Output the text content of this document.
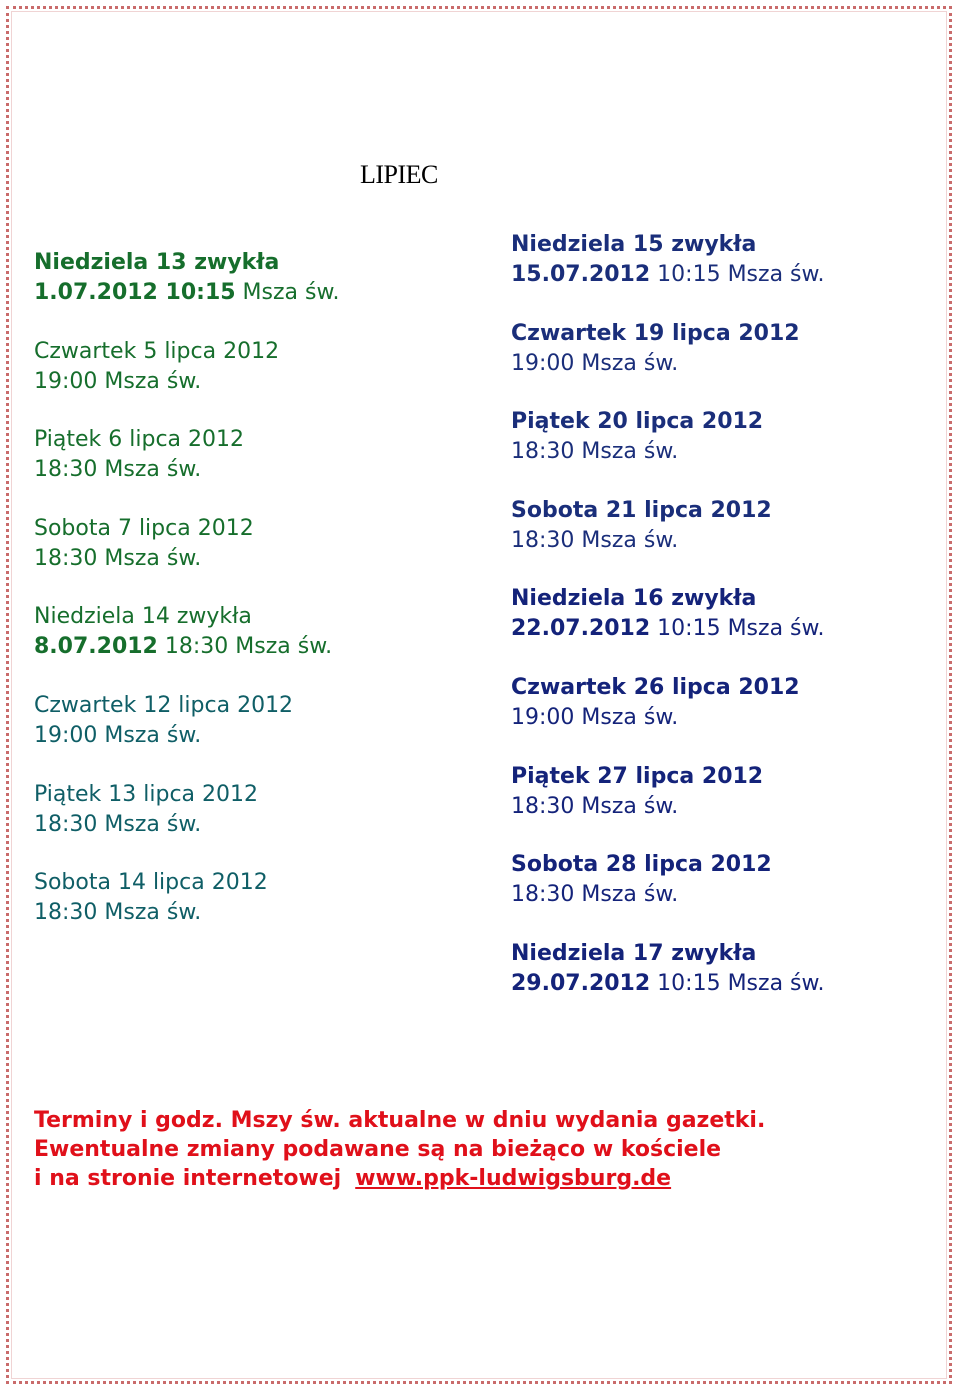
LIPIEC
Niedziela 13 zwykła
1.07.2012 10:15 Msza św.
Czwartek 5 lipca 2012
19:00 Msza św.
Piątek 6 lipca 2012
18:30 Msza św.
Sobota 7 lipca 2012
18:30 Msza św.
Niedziela 14 zwykła
8.07.2012 18:30 Msza św.
Czwartek 12 lipca 2012
19:00 Msza św.
Piątek 13 lipca 2012
18:30 Msza św.
Sobota 14 lipca 2012
18:30 Msza św.
Niedziela 15 zwykła
15.07.2012 10:15 Msza św.
Czwartek 19 lipca 2012
19:00 Msza św.
Piątek 20 lipca 2012
18:30 Msza św.
Sobota 21 lipca 2012
18:30 Msza św.
Niedziela 16 zwykła
22.07.2012 10:15 Msza św.
Czwartek 26 lipca 2012
19:00 Msza św.
Piątek 27 lipca 2012
18:30 Msza św.
Sobota 28 lipca 2012
18:30 Msza św.
Niedziela 17 zwykła
29.07.2012 10:15 Msza św.
Terminy i godz. Mszy św. aktualne w dniu wydania gazetki.
Ewentualne zmiany podawane są na bieżąco w kościele
i na stronie internetowej www.ppk-ludwigsburg.de
